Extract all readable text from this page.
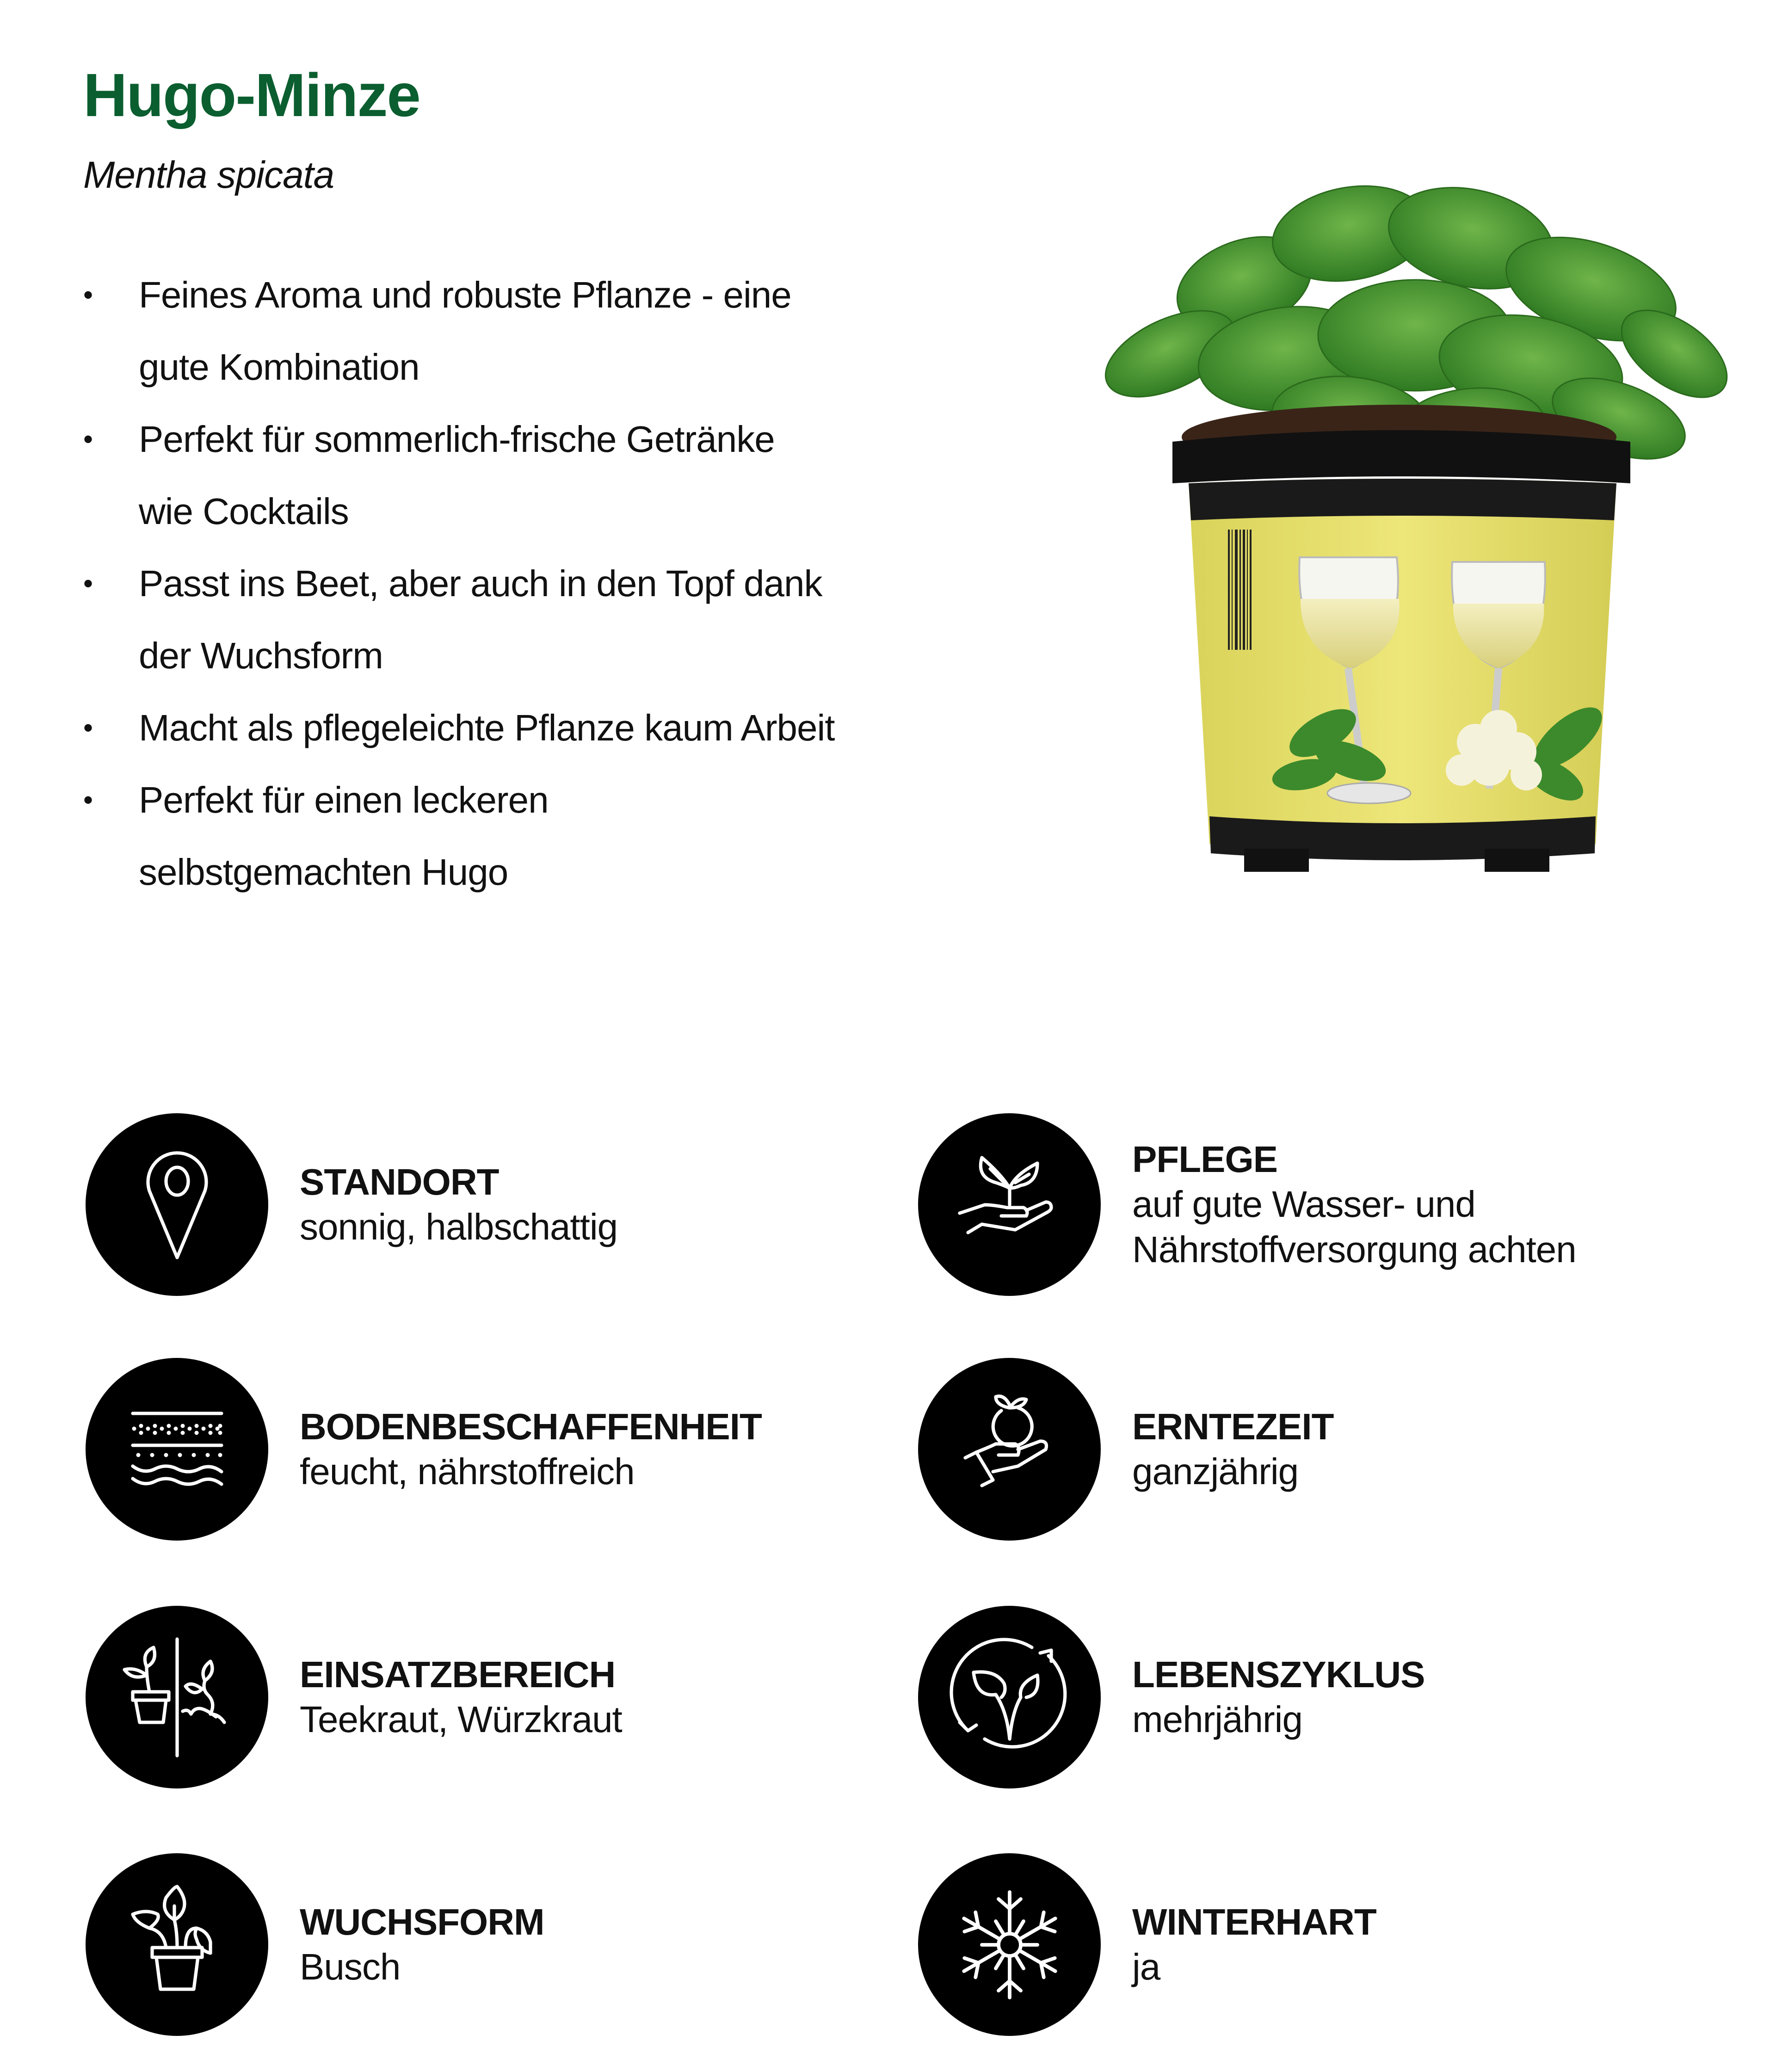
Hugo-Minze

Mentha spicata

• Feines Aroma und robuste Pflanze - eine
gute Kombination
• Perfekt für sommerlich-frische Getränke
wie Cocktails
• Passt ins Beet, aber auch in den Topf dank
der Wuchsform
• Macht als pflegeleichte Pflanze kaum Arbeit
• Perfekt für einen leckeren
selbstgemachten Hugo
STANDORT
sonnig, halbschattig
BODENBESCHAFFENHEIT
feucht, nährstoffreich
EINSATZBEREICH
Teekraut, Würzkraut
WUCHSFORM
Busch
PFLEGE
auf gute Wasser- und
Nährstoffversorgung achten
ERNTEZEIT
ganzjährig
LEBENSZYKLUS
mehrjährig
WINTERHART
ja
